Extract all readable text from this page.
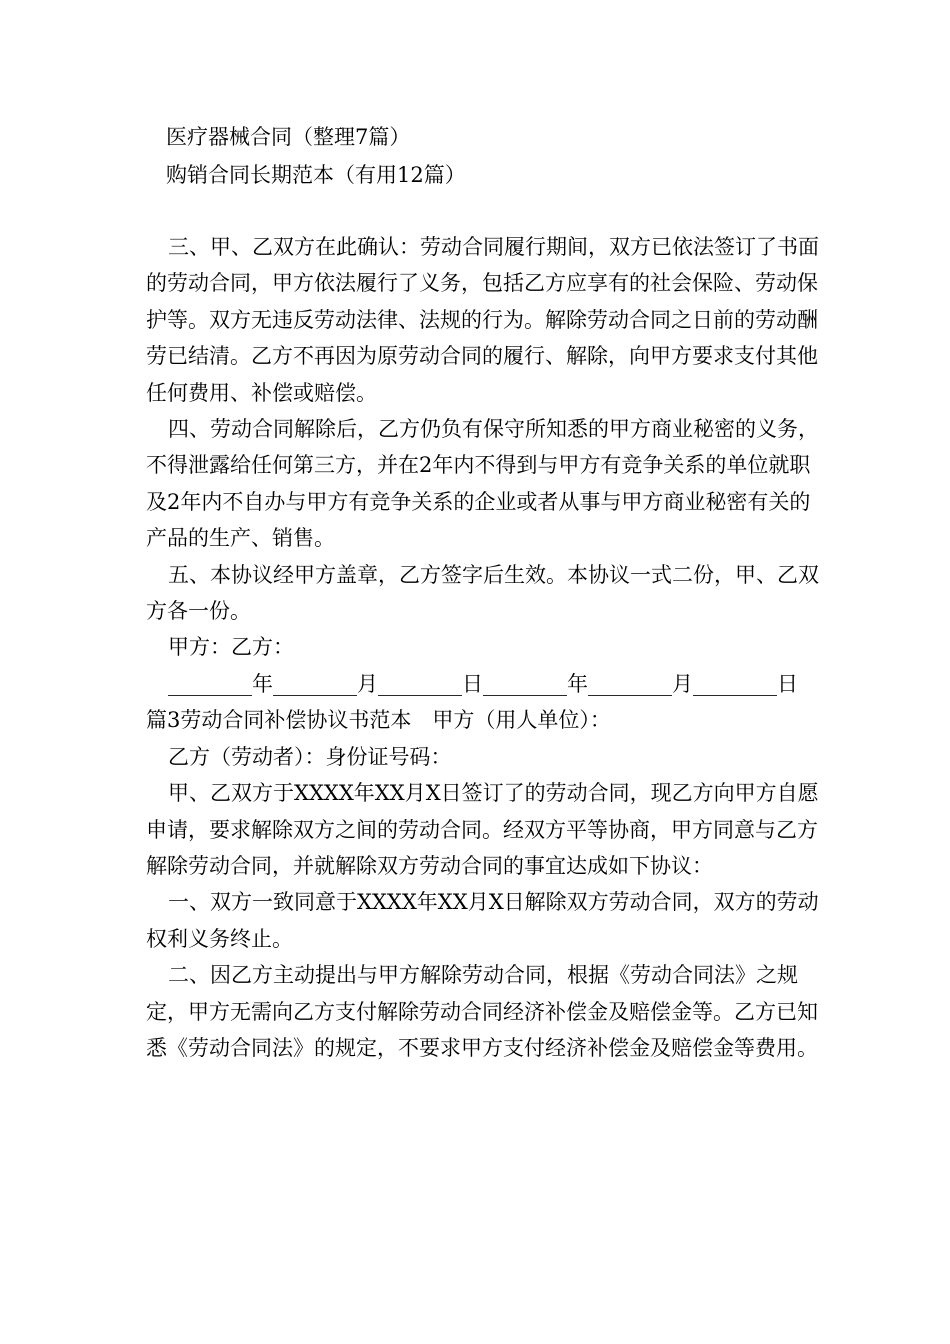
医疗器械合同（整理7篇）
购销合同长期范本（有用12篇）

三、甲、乙双方在此确认：劳动合同履行期间，双方已依法签订了书面的劳动合同，甲方依法履行了义务，包括乙方应享有的社会保险、劳动保护等。双方无违反劳动法律、法规的行为。解除劳动合同之日前的劳动酬劳已结清。乙方不再因为原劳动合同的履行、解除，向甲方要求支付其他任何费用、补偿或赔偿。

四、劳动合同解除后，乙方仍负有保守所知悉的甲方商业秘密的义务，不得泄露给任何第三方，并在2年内不得到与甲方有竞争关系的单位就职及2年内不自办与甲方有竞争关系的企业或者从事与甲方商业秘密有关的产品的生产、销售。

五、本协议经甲方盖章，乙方签字后生效。本协议一式二份，甲、乙双方各一份。

甲方：乙方：

________年________月________日________年________月________日

篇3劳动合同补偿协议书范本　甲方（用人单位）：

乙方（劳动者）：身份证号码：

甲、乙双方于XXXX年XX月X日签订了的劳动合同，现乙方向甲方自愿申请，要求解除双方之间的劳动合同。经双方平等协商，甲方同意与乙方解除劳动合同，并就解除双方劳动合同的事宜达成如下协议：

一、双方一致同意于XXXX年XX月X日解除双方劳动合同，双方的劳动权利义务终止。

二、因乙方主动提出与甲方解除劳动合同，根据《劳动合同法》之规定，甲方无需向乙方支付解除劳动合同经济补偿金及赔偿金等。乙方已知悉《劳动合同法》的规定，不要求甲方支付经济补偿金及赔偿金等费用。
